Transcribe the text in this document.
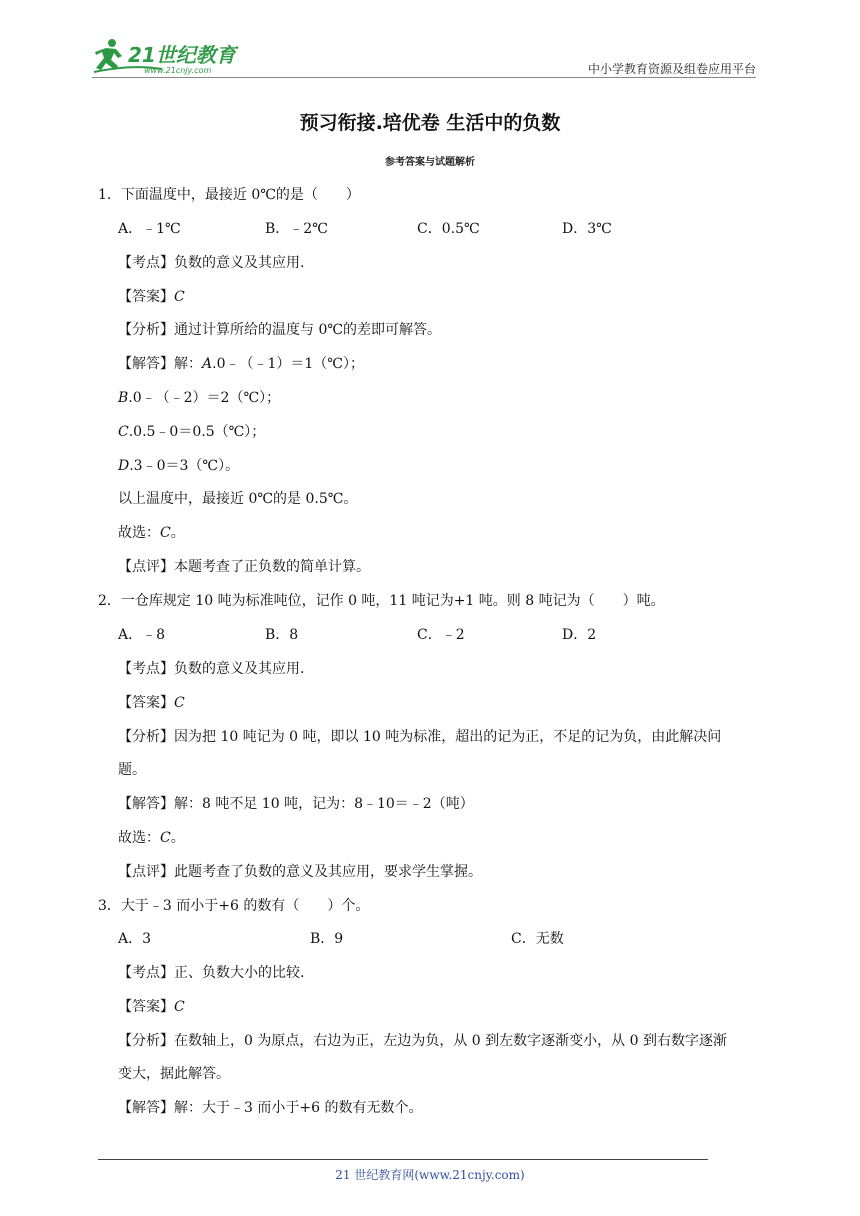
21世纪教育
www.21cnjy.com	中小学教育资源及组卷应用平台
预习衔接.培优卷 生活中的负数
参考答案与试题解析
1．下面温度中，最接近 0℃的是（　　）
A．﹣1℃	B．﹣2℃	C．0.5℃	D．3℃
【考点】负数的意义及其应用.
【答案】C
【分析】通过计算所给的温度与 0℃的差即可解答。
【解答】解：A.0﹣（﹣1）＝1（℃）；
B.0﹣（﹣2）＝2（℃）；
C.0.5﹣0＝0.5（℃）；
D.3﹣0＝3（℃）。
以上温度中，最接近 0℃的是 0.5℃。
故选：C。
【点评】本题考查了正负数的简单计算。
2．一仓库规定 10 吨为标准吨位，记作 0 吨，11 吨记为+1 吨。则 8 吨记为（　　）吨。
A．﹣8	B．8	C．﹣2	D．2
【考点】负数的意义及其应用.
【答案】C
【分析】因为把 10 吨记为 0 吨，即以 10 吨为标准，超出的记为正，不足的记为负，由此解决问
题。
【解答】解：8 吨不足 10 吨，记为：8﹣10＝﹣2（吨）
故选：C。
【点评】此题考查了负数的意义及其应用，要求学生掌握。
3．大于﹣3 而小于+6 的数有（　　）个。
A．3	B．9	C．无数
【考点】正、负数大小的比较.
【答案】C
【分析】在数轴上，0 为原点，右边为正，左边为负，从 0 到左数字逐渐变小，从 0 到右数字逐渐
变大，据此解答。
【解答】解：大于﹣3 而小于+6 的数有无数个。
21 世纪教育网(www.21cnjy.com)
